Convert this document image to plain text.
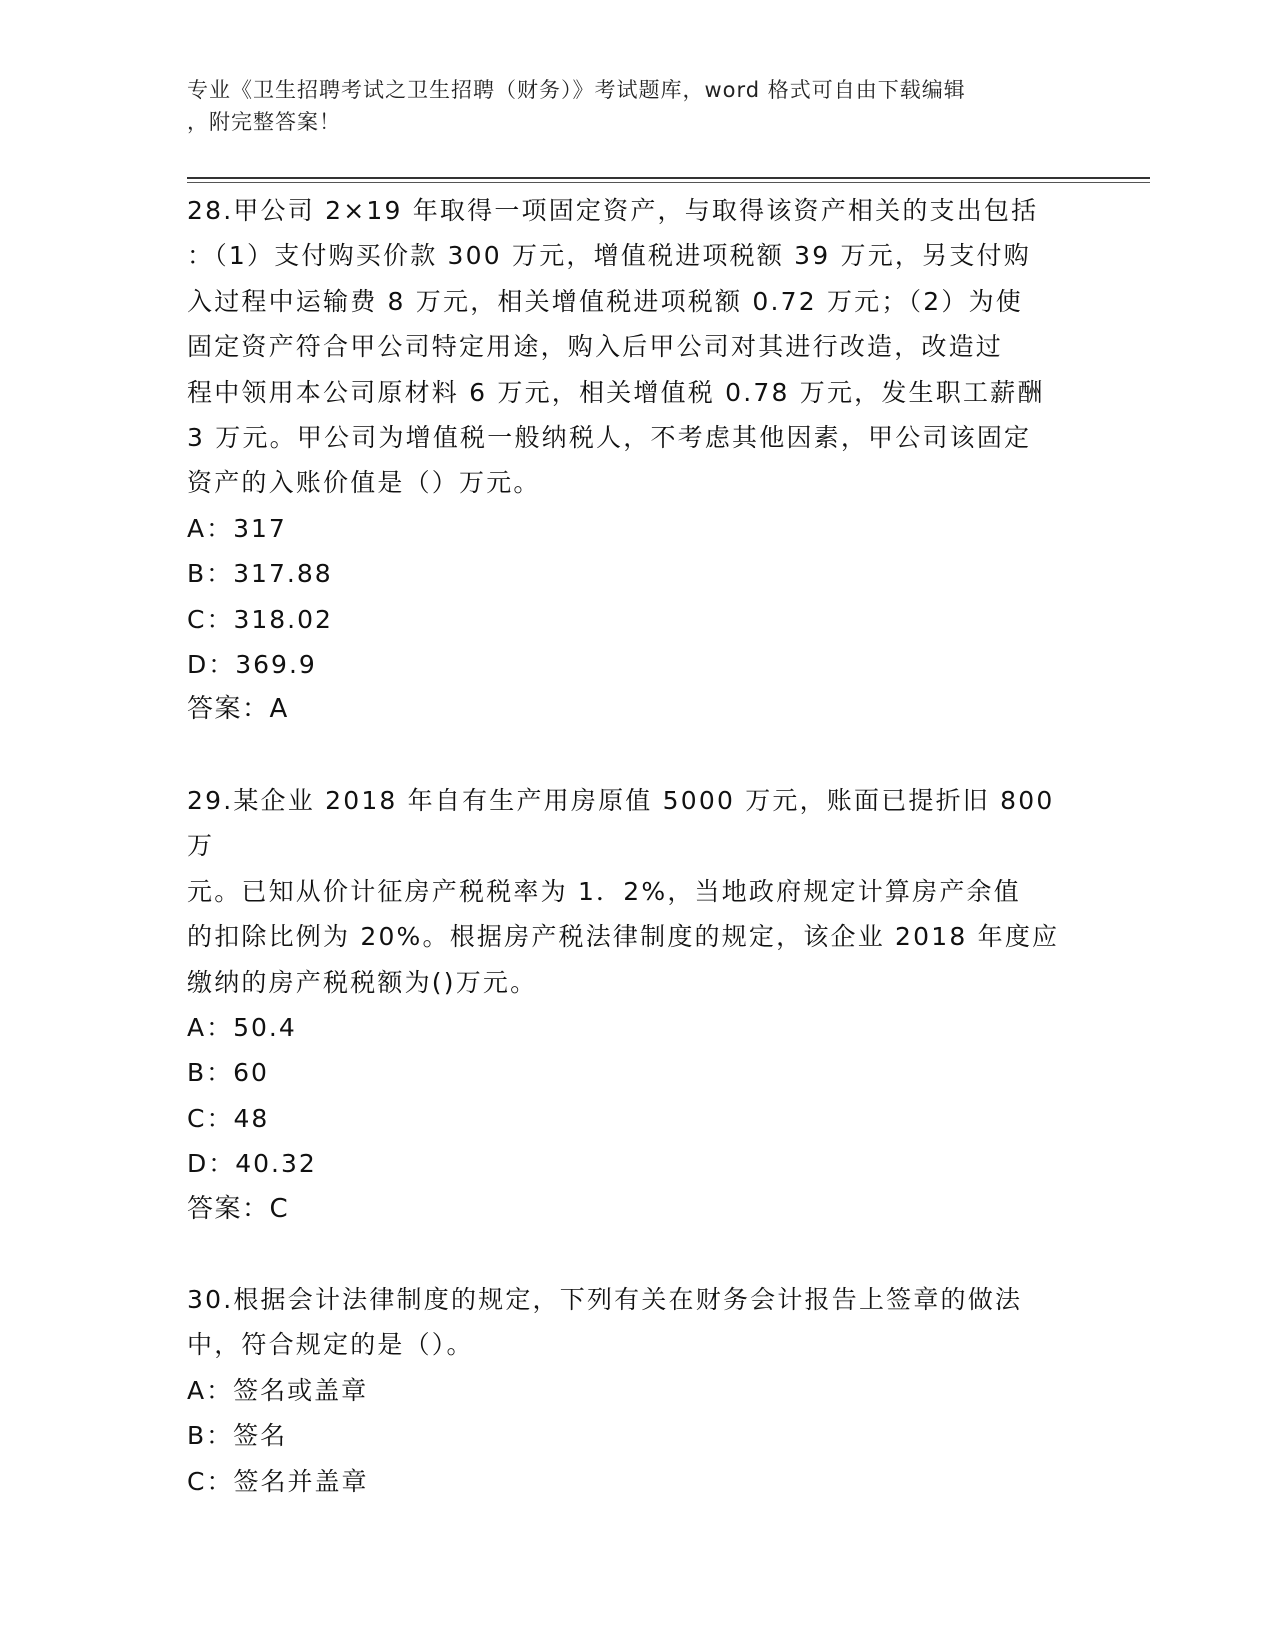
专业《卫生招聘考试之卫生招聘（财务）》考试题库，word 格式可自由下载编辑
，附完整答案！

28.甲公司 2×19 年取得一项固定资产，与取得该资产相关的支出包括

：（1）支付购买价款 300 万元，增值税进项税额 39 万元，另支付购

入过程中运输费 8 万元，相关增值税进项税额 0.72 万元；（2）为使

固定资产符合甲公司特定用途，购入后甲公司对其进行改造，改造过

程中领用本公司原材料 6 万元，相关增值税 0.78 万元，发生职工薪酬

3 万元。甲公司为增值税一般纳税人，不考虑其他因素，甲公司该固定

资产的入账价值是（）万元。

A：317

B：317.88

C：318.02

D：369.9

答案：A

29.某企业 2018 年自有生产用房原值 5000 万元，账面已提折旧 800 万

元。已知从价计征房产税税率为 1．2%，当地政府规定计算房产余值

的扣除比例为 20%。根据房产税法律制度的规定，该企业 2018 年度应

缴纳的房产税税额为()万元。

A：50.4

B：60

C：48

D：40.32

答案：C

30.根据会计法律制度的规定，下列有关在财务会计报告上签章的做法

中，符合规定的是（）。

A：签名或盖章

B：签名

C：签名并盖章
